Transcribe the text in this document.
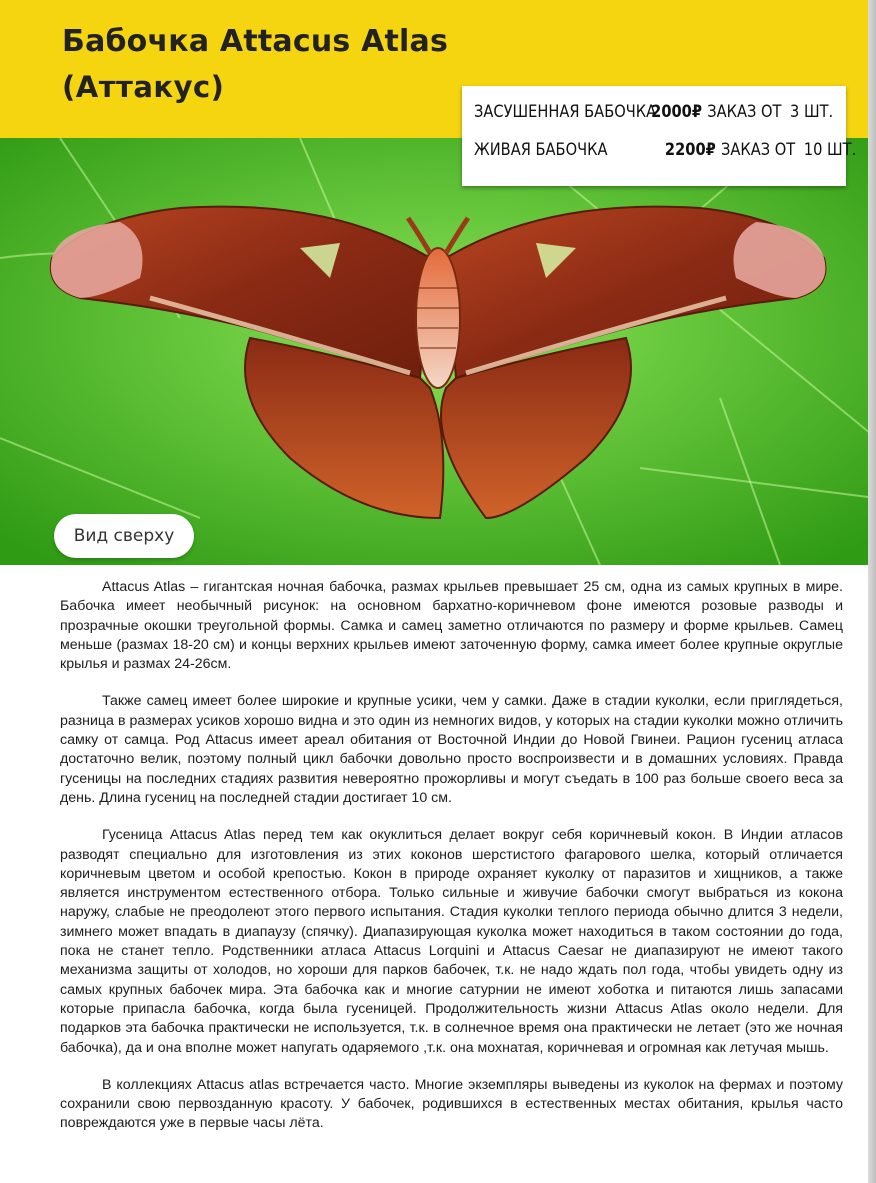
Бабочка Attacus Atlas
(Аттакус)
ЗАСУШЕННАЯ БАБОЧКА2000₽ ЗАКАЗ ОТ 3 ШТ.
ЖИВАЯ БАБОЧКА	2200₽ ЗАКАЗ ОТ 10 ШТ.
Вид сверху

Attacus Atlas – гигантская ночная бабочка, размах крыльев превышает 25 см, одна из самых крупных в мире. Бабочка имеет необычный рисунок: на основном бархатно-коричневом фоне имеются розовые разводы и прозрачные окошки треугольной формы. Самка и самец заметно отличаются по размеру и форме крыльев. Самец меньше (размах 18-20 см) и концы верхних крыльев имеют заточенную форму, самка имеет более крупные округлые крылья и размах 24-26см.

Также самец имеет более широкие и крупные усики, чем у самки. Даже в стадии куколки, если приглядеться, разница в размерах усиков хорошо видна и это один из немногих видов, у которых на стадии куколки можно отличить самку от самца. Род Attacus имеет ареал обитания от Восточной Индии до Новой Гвинеи. Рацион гусениц атласа достаточно велик, поэтому полный цикл бабочки довольно просто воспроизвести и в домашних условиях. Правда гусеницы на последних стадиях развития невероятно прожорливы и могут съедать в 100 раз больше своего веса за день. Длина гусениц на последней стадии достигает 10 см.

Гусеница Attacus Atlas перед тем как окуклиться делает вокруг себя коричневый кокон. В Индии атласов разводят специально для изготовления из этих коконов шерстистого фагарового шелка, который отличается коричневым цветом и особой крепостью. Кокон в природе охраняет куколку от паразитов и хищников, а также является инструментом естественного отбора. Только сильные и живучие бабочки смогут выбраться из кокона наружу, слабые не преодолеют этого первого испытания. Стадия куколки теплого периода обычно длится 3 недели, зимнего может впадать в диапаузу (спячку). Диапазирующая куколка может находиться в таком состоянии до года, пока не станет тепло. Родственники атласа Attacus Lorquini и Attacus Caesar не диапазируют не имеют такого механизма защиты от холодов, но хороши для парков бабочек, т.к. не надо ждать пол года, чтобы увидеть одну из самых крупных бабочек мира. Эта бабочка как и многие сатурнии не имеют хоботка и питаются лишь запасами которые припасла бабочка, когда была гусеницей. Продолжительность жизни Attacus Atlas около недели. Для подарков эта бабочка практически не используется, т.к. в солнечное время она практически не летает (это же ночная бабочка), да и она вполне может напугать одаряемого ,т.к. она мохнатая, коричневая и огромная как летучая мышь.

В коллекциях Attacus atlas встречается часто. Многие экземпляры выведены из куколок на фермах и поэтому сохранили свою первозданную красоту. У бабочек, родившихся в естественных местах обитания, крылья часто повреждаются уже в первые часы лёта.
